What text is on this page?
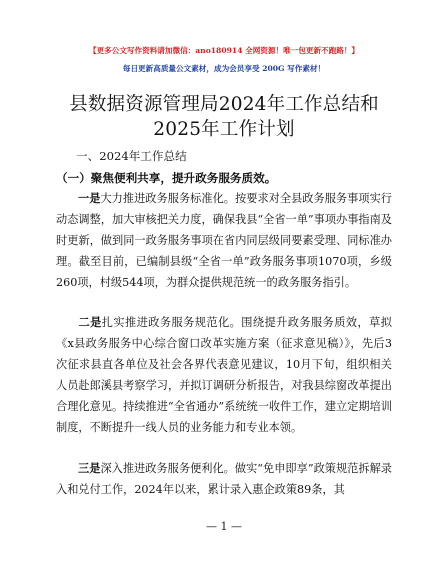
【更多公文写作资料请加微信：ano180914 全网资源！唯一包更新不跑路！】
每日更新高质量公文素材，成为会员享受 200G 写作素材！
县数据资源管理局2024年工作总结和2025年工作计划
一、2024年工作总结
（一）聚焦便利共享，提升政务服务质效。
一是大力推进政务服务标准化。按要求对全县政务服务事项实行动态调整，加大审核把关力度，确保我县“全省一单”事项办事指南及时更新，做到同一政务服务事项在省内同层级同要素受理、同标准办理。截至目前，已编制县级“全省一单”政务服务事项1070项，乡级260项，村级544项，为群众提供规范统一的政务服务指引。
二是扎实推进政务服务规范化。围绕提升政务服务质效，草拟《x县政务服务中心综合窗口改革实施方案（征求意见稿）》，先后3次征求县直各单位及社会各界代表意见建议，10月下旬，组织相关人员赴郎溪县考察学习，并拟订调研分析报告，对我县综窗改革提出合理化意见。持续推进“全省通办”系统统一收件工作，建立定期培训制度，不断提升一线人员的业务能力和专业本领。
三是深入推进政务服务便利化。做实“免申即享”政策规范拆解录入和兑付工作，2024年以来，累计录入惠企政策89条，其
— 1 —
